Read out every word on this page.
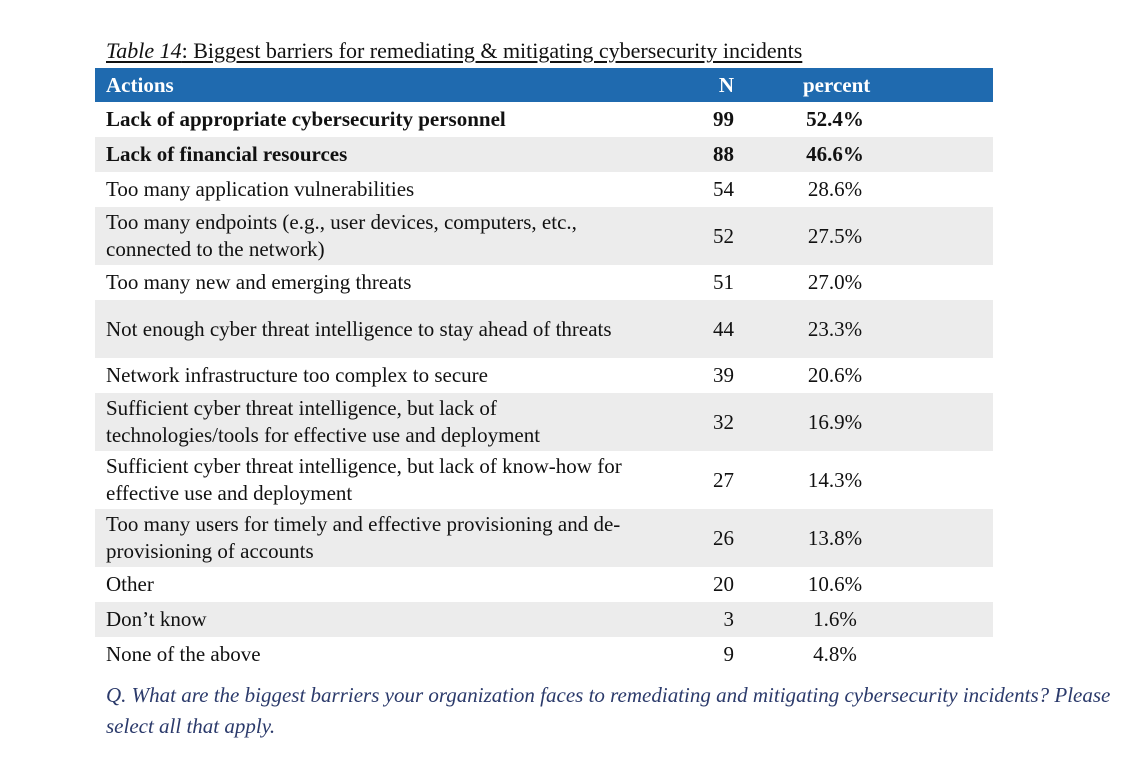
Table 14: Biggest barriers for remediating & mitigating cybersecurity incidents
Actions	N	percent
Lack of appropriate cybersecurity personnel	99	52.4%
Lack of financial resources	88	46.6%
Too many application vulnerabilities	54	28.6%
Too many endpoints (e.g., user devices, computers, etc., connected to the network)	52	27.5%
Too many new and emerging threats	51	27.0%
Not enough cyber threat intelligence to stay ahead of threats	44	23.3%
Network infrastructure too complex to secure	39	20.6%
Sufficient cyber threat intelligence, but lack of technologies/tools for effective use and deployment	32	16.9%
Sufficient cyber threat intelligence, but lack of know-how for effective use and deployment	27	14.3%
Too many users for timely and effective provisioning and de-provisioning of accounts	26	13.8%
Other	20	10.6%
Don’t know	3	1.6%
None of the above	9	4.8%
Q. What are the biggest barriers your organization faces to remediating and mitigating cybersecurity incidents? Please select all that apply.
